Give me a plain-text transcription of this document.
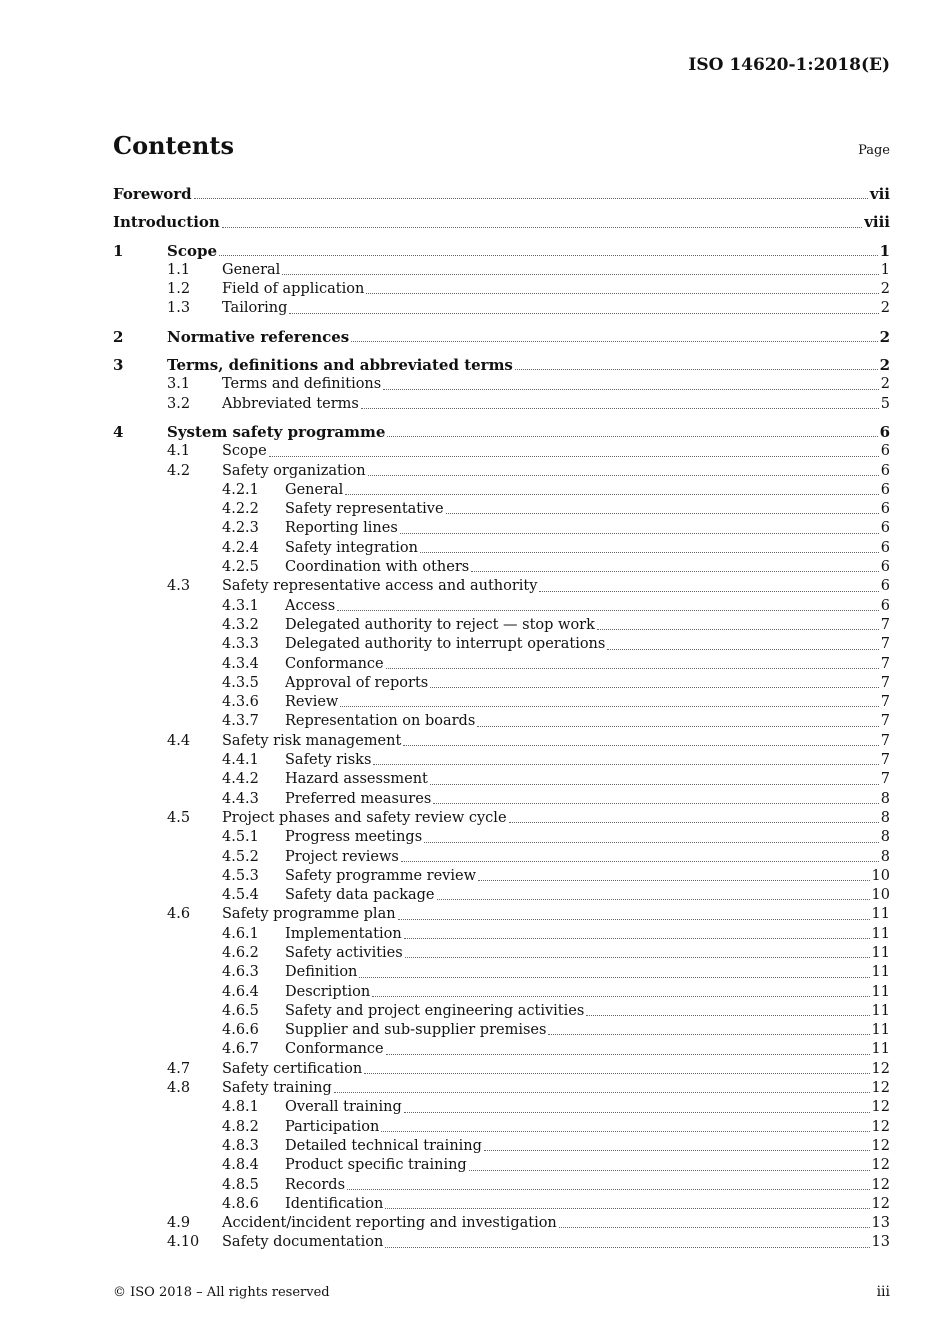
ISO 14620-1:2018(E)
Contents	Page
Foreword	vii
Introduction	viii
1	Scope	1
1.1 General	1
1.2 Field of application	2
1.3 Tailoring	2
2	Normative references	2
3	Terms, definitions and abbreviated terms	2
3.1 Terms and definitions	2
3.2 Abbreviated terms	5
4	System safety programme	6
4.1 Scope	6
4.2 Safety organization	6
4.2.1 General	6
4.2.2 Safety representative	6
4.2.3 Reporting lines	6
4.2.4 Safety integration	6
4.2.5 Coordination with others	6
4.3 Safety representative access and authority	6
4.3.1 Access	6
4.3.2 Delegated authority to reject — stop work	7
4.3.3 Delegated authority to interrupt operations	7
4.3.4 Conformance	7
4.3.5 Approval of reports	7
4.3.6 Review	7
4.3.7 Representation on boards	7
4.4 Safety risk management	7
4.4.1 Safety risks	7
4.4.2 Hazard assessment	7
4.4.3 Preferred measures	8
4.5 Project phases and safety review cycle	8
4.5.1 Progress meetings	8
4.5.2 Project reviews	8
4.5.3 Safety programme review	10
4.5.4 Safety data package	10
4.6 Safety programme plan	11
4.6.1 Implementation	11
4.6.2 Safety activities	11
4.6.3 Definition	11
4.6.4 Description	11
4.6.5 Safety and project engineering activities	11
4.6.6 Supplier and sub-supplier premises	11
4.6.7 Conformance	11
4.7 Safety certification	12
4.8 Safety training	12
4.8.1 Overall training	12
4.8.2 Participation	12
4.8.3 Detailed technical training	12
4.8.4 Product specific training	12
4.8.5 Records	12
4.8.6 Identification	12
4.9 Accident/incident reporting and investigation	13
4.10 Safety documentation	13
© ISO 2018 – All rights reserved	iii
